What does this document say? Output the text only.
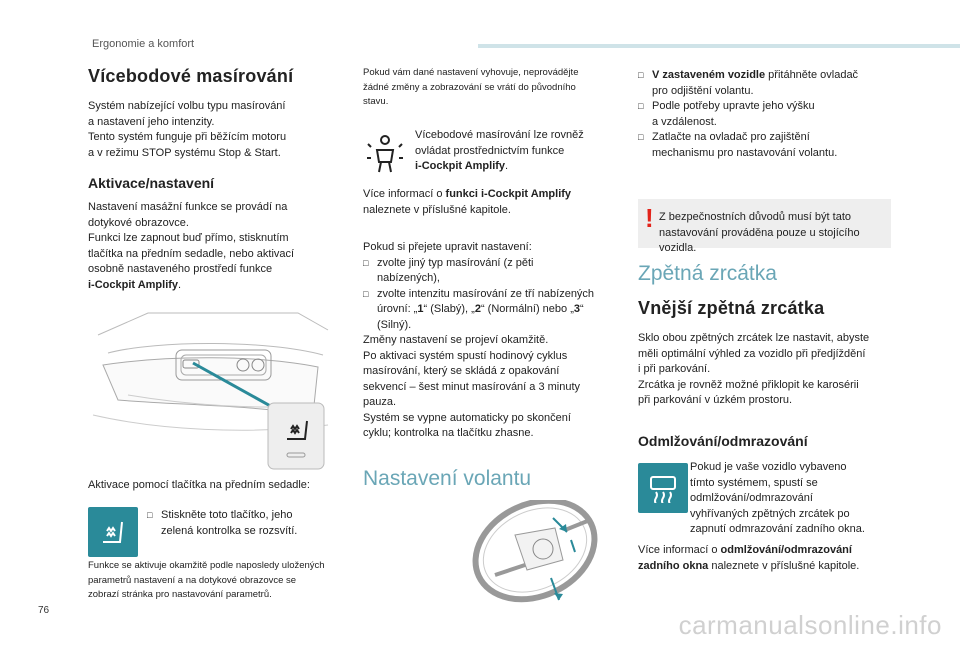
Ergonomie a komfort
Vícebodové masírování

Systém nabízející volbu typu masírování

a nastavení jeho intenzity.

Tento systém funguje při běžícím motoru

a v režimu STOP systému Stop & Start.

Aktivace/nastavení

Nastavení masážní funkce se provádí na

dotykové obrazovce.

Funkci lze zapnout buď přímo, stisknutím

tlačítka na předním sedadle, nebo aktivací

osobně nastaveného prostředí funkce

i-Cockpit Amplify.

Aktivace pomocí tlačítka na předním sedadle:

□ Stiskněte toto tlačítko, jeho

zelená kontrolka se rozsvítí.

Funkce se aktivuje okamžitě podle naposledy uložených

parametrů nastavení a na dotykové obrazovce se

zobrazí stránka pro nastavování parametrů.

Pokud vám dané nastavení vyhovuje, neprovádějte

žádné změny a zobrazování se vrátí do původního

stavu.

Vícebodové masírování lze rovněž

ovládat prostřednictvím funkce

i-Cockpit Amplify.

Více informací o funkci i-Cockpit Amplify

naleznete v příslušné kapitole.

Pokud si přejete upravit nastavení:

□ zvolte jiný typ masírování (z pěti

nabízených),

□ zvolte intenzitu masírování ze tří nabízených

úrovní: „1“ (Slabý), „2“ (Normální) nebo „3“

(Silný).

Změny nastavení se projeví okamžitě.

Po aktivaci systém spustí hodinový cyklus

masírování, který se skládá z opakování

sekvencí – šest minut masírování a 3 minuty

pauza.

Systém se vypne automaticky po skončení

cyklu; kontrolka na tlačítku zhasne.

Nastavení volantu

□ V zastaveném vozidle přitáhněte ovladač

pro odjištění volantu.

□ Podle potřeby upravte jeho výšku

a vzdálenost.

□ Zatlačte na ovladač pro zajištění

mechanismu pro nastavování volantu.

! Z bezpečnostních důvodů musí být tato

nastavování prováděna pouze u stojícího

vozidla.

Zpětná zrcátka
Vnější zpětná zrcátka

Sklo obou zpětných zrcátek lze nastavit, abyste

měli optimální výhled za vozidlo při předjíždění

i při parkování.

Zrcátka je rovněž možné přiklopit ke karosérii

při parkování v úzkém prostoru.

Odmlžování/odmrazování

Pokud je vaše vozidlo vybaveno

tímto systémem, spustí se

odmlžování/odmrazování

vyhřívaných zpětných zrcátek po

zapnutí odmrazování zadního okna.

Více informací o odmlžování/odmrazování

zadního okna naleznete v příslušné kapitole.

76	carmanualsonline.info
